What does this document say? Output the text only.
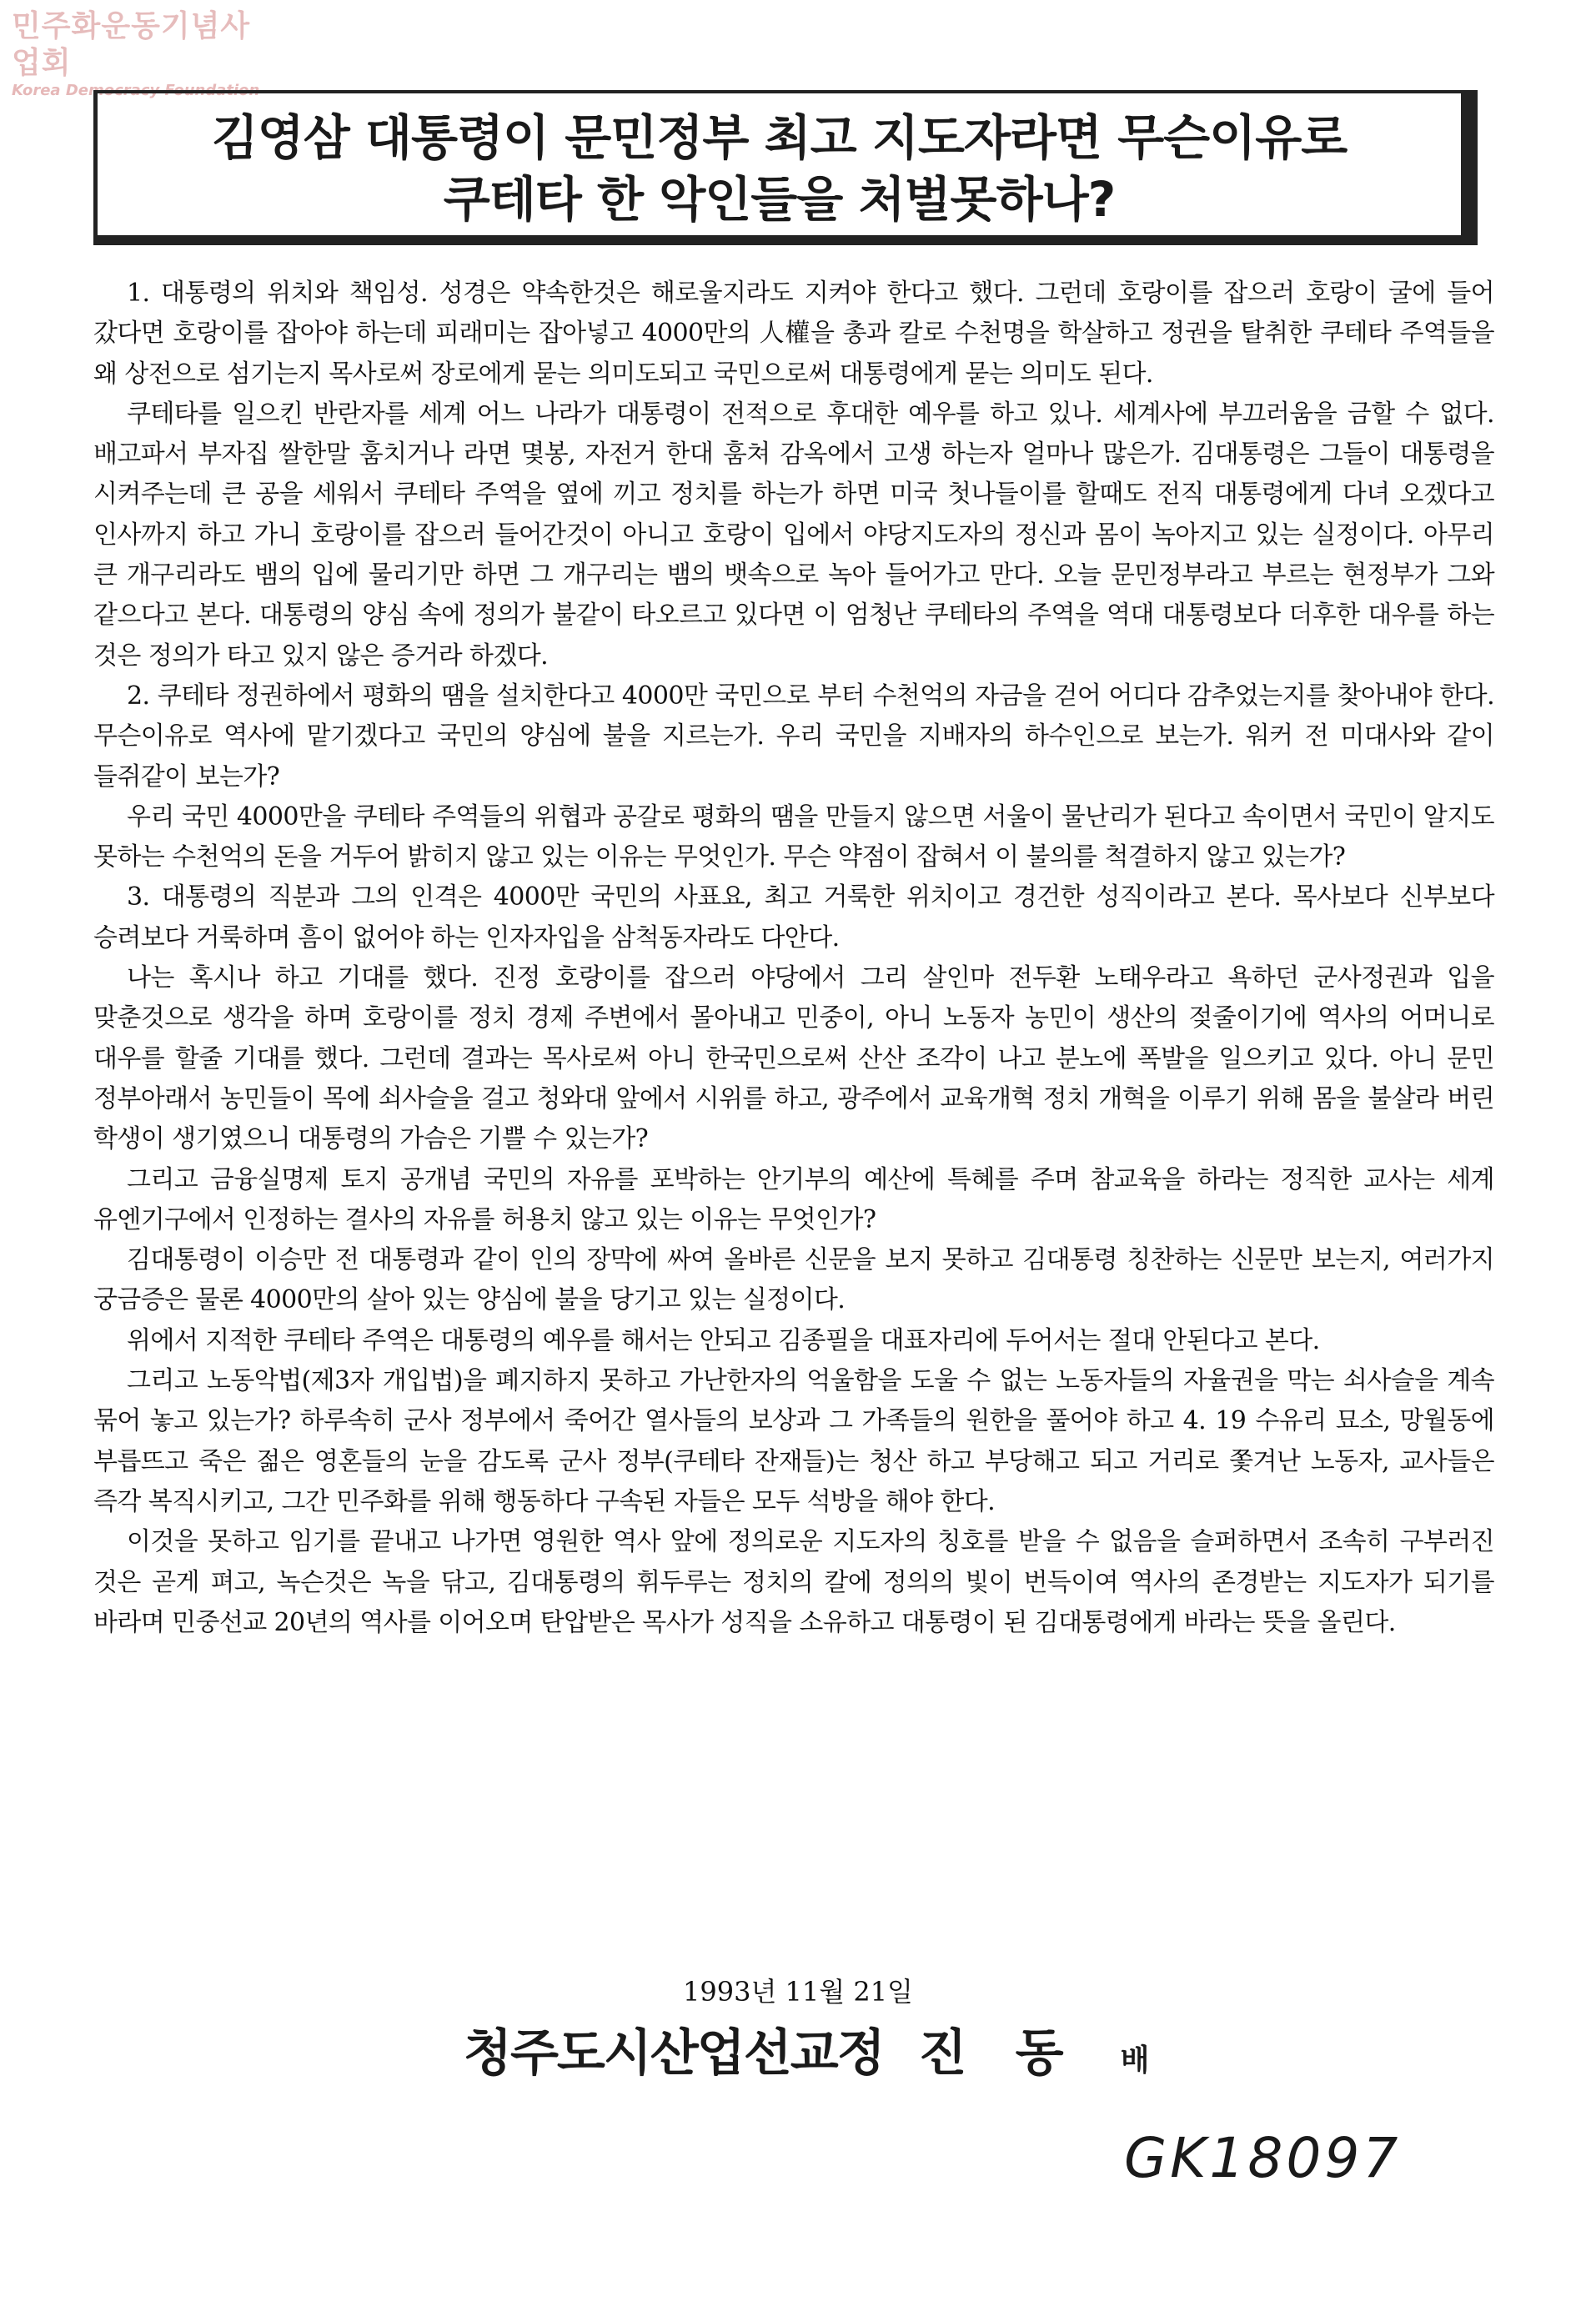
민주화운동기념사업회
Korea Democracy Foundation
김영삼 대통령이 문민정부 최고 지도자라면 무슨이유로
쿠테타 한 악인들을 처벌못하나?

1. 대통령의 위치와 책임성. 성경은 약속한것은 해로울지라도 지켜야 한다고 했다. 그런데 호랑이를 잡으러 호랑이 굴에 들어 갔다면 호랑이를 잡아야 하는데 피래미는 잡아넣고 4000만의 人權을 총과 칼로 수천명을 학살하고 정권을 탈취한 쿠테타 주역들을 왜 상전으로 섬기는지 목사로써 장로에게 묻는 의미도되고 국민으로써 대통령에게 묻는 의미도 된다.

쿠테타를 일으킨 반란자를 세계 어느 나라가 대통령이 전적으로 후대한 예우를 하고 있나. 세계사에 부끄러움을 금할 수 없다. 배고파서 부자집 쌀한말 훔치거나 라면 몇봉, 자전거 한대 훔쳐 감옥에서 고생 하는자 얼마나 많은가. 김대통령은 그들이 대통령을 시켜주는데 큰 공을 세워서 쿠테타 주역을 옆에 끼고 정치를 하는가 하면 미국 첫나들이를 할때도 전직 대통령에게 다녀 오겠다고 인사까지 하고 가니 호랑이를 잡으러 들어간것이 아니고 호랑이 입에서 야당지도자의 정신과 몸이 녹아지고 있는 실정이다. 아무리 큰 개구리라도 뱀의 입에 물리기만 하면 그 개구리는 뱀의 뱃속으로 녹아 들어가고 만다. 오늘 문민정부라고 부르는 현정부가 그와 같으다고 본다. 대통령의 양심 속에 정의가 불같이 타오르고 있다면 이 엄청난 쿠테타의 주역을 역대 대통령보다 더후한 대우를 하는 것은 정의가 타고 있지 않은 증거라 하겠다.

2. 쿠테타 정권하에서 평화의 땜을 설치한다고 4000만 국민으로 부터 수천억의 자금을 걷어 어디다 감추었는지를 찾아내야 한다. 무슨이유로 역사에 맡기겠다고 국민의 양심에 불을 지르는가. 우리 국민을 지배자의 하수인으로 보는가. 워커 전 미대사와 같이 들쥐같이 보는가?

우리 국민 4000만을 쿠테타 주역들의 위협과 공갈로 평화의 땜을 만들지 않으면 서울이 물난리가 된다고 속이면서 국민이 알지도 못하는 수천억의 돈을 거두어 밝히지 않고 있는 이유는 무엇인가. 무슨 약점이 잡혀서 이 불의를 척결하지 않고 있는가?

3. 대통령의 직분과 그의 인격은 4000만 국민의 사표요, 최고 거룩한 위치이고 경건한 성직이라고 본다. 목사보다 신부보다 승려보다 거룩하며 흠이 없어야 하는 인자자입을 삼척동자라도 다안다.

나는 혹시나 하고 기대를 했다. 진정 호랑이를 잡으러 야당에서 그리 살인마 전두환 노태우라고 욕하던 군사정권과 입을 맞춘것으로 생각을 하며 호랑이를 정치 경제 주변에서 몰아내고 민중이, 아니 노동자 농민이 생산의 젖줄이기에 역사의 어머니로 대우를 할줄 기대를 했다. 그런데 결과는 목사로써 아니 한국민으로써 산산 조각이 나고 분노에 폭발을 일으키고 있다. 아니 문민 정부아래서 농민들이 목에 쇠사슬을 걸고 청와대 앞에서 시위를 하고, 광주에서 교육개혁 정치 개혁을 이루기 위해 몸을 불살라 버린 학생이 생기였으니 대통령의 가슴은 기쁠 수 있는가?

그리고 금융실명제 토지 공개념 국민의 자유를 포박하는 안기부의 예산에 특혜를 주며 참교육을 하라는 정직한 교사는 세계 유엔기구에서 인정하는 결사의 자유를 허용치 않고 있는 이유는 무엇인가?

김대통령이 이승만 전 대통령과 같이 인의 장막에 싸여 올바른 신문을 보지 못하고 김대통령 칭찬하는 신문만 보는지, 여러가지 궁금증은 물론 4000만의 살아 있는 양심에 불을 당기고 있는 실정이다.

위에서 지적한 쿠테타 주역은 대통령의 예우를 해서는 안되고 김종필을 대표자리에 두어서는 절대 안된다고 본다.

그리고 노동악법(제3자 개입법)을 폐지하지 못하고 가난한자의 억울함을 도울 수 없는 노동자들의 자율권을 막는 쇠사슬을 계속 묶어 놓고 있는가? 하루속히 군사 정부에서 죽어간 열사들의 보상과 그 가족들의 원한을 풀어야 하고 4. 19 수유리 묘소, 망월동에 부릅뜨고 죽은 젊은 영혼들의 눈을 감도록 군사 정부(쿠테타 잔재들)는 청산 하고 부당해고 되고 거리로 쫓겨난 노동자, 교사들은 즉각 복직시키고, 그간 민주화를 위해 행동하다 구속된 자들은 모두 석방을 해야 한다.

이것을 못하고 임기를 끝내고 나가면 영원한 역사 앞에 정의로운 지도자의 칭호를 받을 수 없음을 슬퍼하면서 조속히 구부러진 것은 곧게 펴고, 녹슨것은 녹을 닦고, 김대통령의 휘두루는 정치의 칼에 정의의 빛이 번득이여 역사의 존경받는 지도자가 되기를 바라며 민중선교 20년의 역사를 이어오며 탄압받은 목사가 성직을 소유하고 대통령이 된 김대통령에게 바라는 뜻을 올린다.

1993년 11월 21일
청주도시산업선교정 진동 배
GK18097
